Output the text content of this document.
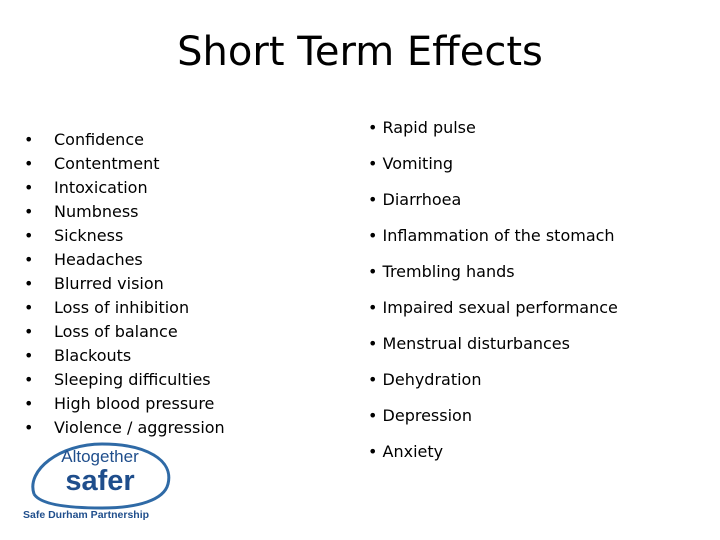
Short Term Effects
• Confidence
• Contentment
• Intoxication
• Numbness
• Sickness
• Headaches
• Blurred vision
• Loss of inhibition
• Loss of balance
• Blackouts
• Sleeping difficulties
• High blood pressure
• Violence / aggression
• Rapid pulse
• Vomiting
• Diarrhoea
• Inflammation of the stomach
• Trembling hands
• Impaired sexual performance
• Menstrual disturbances
• Dehydration
• Depression
• Anxiety
Altogether
safer
Safe Durham Partnership
